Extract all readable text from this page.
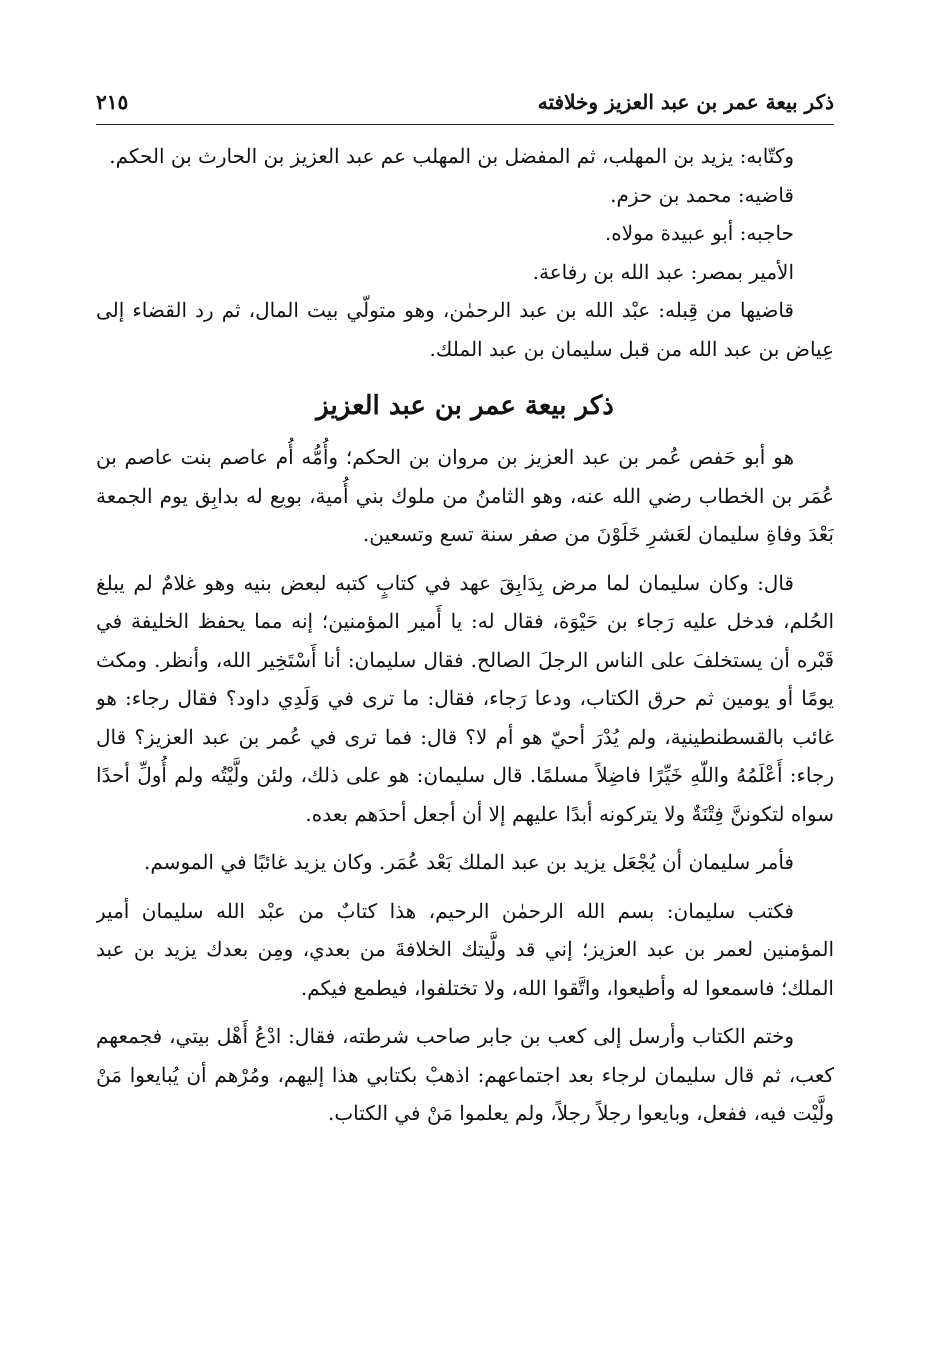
ذكر بيعة عمر بن عبد العزيز وخلافته
٢١٥

وكتّابه: يزيد بن المهلب، ثم المفضل بن المهلب عم عبد العزيز بن الحارث بن الحكم.

قاضيه: محمد بن حزم.

حاجبه: أبو عبيدة مولاه.

الأمير بمصر: عبد الله بن رفاعة.

قاضيها من قِبله: عبْد الله بن عبد الرحمٰن، وهو متولّي بيت المال، ثم رد القضاء إلى عِياض بن عبد الله من قبل سليمان بن عبد الملك.

ذكر بيعة عمر بن عبد العزيز

هو أبو حَفص عُمر بن عبد العزيز بن مروان بن الحكم؛ وأُمُّه أُم عاصم بنت عاصم بن عُمَر بن الخطاب رضي الله عنه، وهو الثامنُ من ملوك بني أُمية، بويع له بدابِق يوم الجمعة بَعْدَ وفاةِ سليمان لعَشرِ خَلَوْنَ من صفر سنة تسع وتسعين.

قال: وكان سليمان لما مرض بِدَابِقَ عهد في كتابٍ كتبه لبعض بنيه وهو غلامٌ لم يبلغ الحُلم، فدخل عليه رَجاء بن حَيْوَة، فقال له: يا أَمير المؤمنين؛ إنه مما يحفظ الخليفة في قَبْره أن يستخلفَ على الناس الرجلَ الصالح. فقال سليمان: أنا أَسْتَخِير الله، وأنظر. ومكث يومًا أو يومين ثم حرق الكتاب، ودعا رَجاء، فقال: ما ترى في وَلَدِي داود؟ فقال رجاء: هو غائب بالقسطنطينية، ولم يُدْرَ أحيّ هو أم لا؟ قال: فما ترى في عُمر بن عبد العزيز؟ قال رجاء: أَعْلَمُهُ واللّهِ خَيِّرًا فاضِلاً مسلمًا. قال سليمان: هو على ذلك، ولئن ولَّيْتُه ولم أُولِّ أحدًا سواه لتكوننَّ فِتْنَةٌ ولا يتركونه أبدًا عليهم إلا أن أجعل أحدَهم بعده.

فأمر سليمان أن يُجْعَل يزيد بن عبد الملك بَعْد عُمَر. وكان يزيد غائبًا في الموسم.

فكتب سليمان: بسم الله الرحمٰن الرحيم، هذا كتابٌ من عبْد الله سليمان أمير المؤمنين لعمر بن عبد العزيز؛ إني قد ولَّيتك الخلافةَ من بعدي، ومِن بعدك يزيد بن عبد الملك؛ فاسمعوا له وأطيعوا، واتَّقوا الله، ولا تختلفوا، فيطمع فيكم.

وختم الكتاب وأرسل إلى كعب بن جابر صاحب شرطته، فقال: ادْعُ أَهْل بيتي، فجمعهم كعب، ثم قال سليمان لرجاء بعد اجتماعهم: اذهبْ بكتابي هذا إليهم، ومُرْهم أن يُبايعوا مَنْ ولَّيْت فيه، ففعل، وبايعوا رجلاً رجلاً، ولم يعلموا مَنْ في الكتاب.
